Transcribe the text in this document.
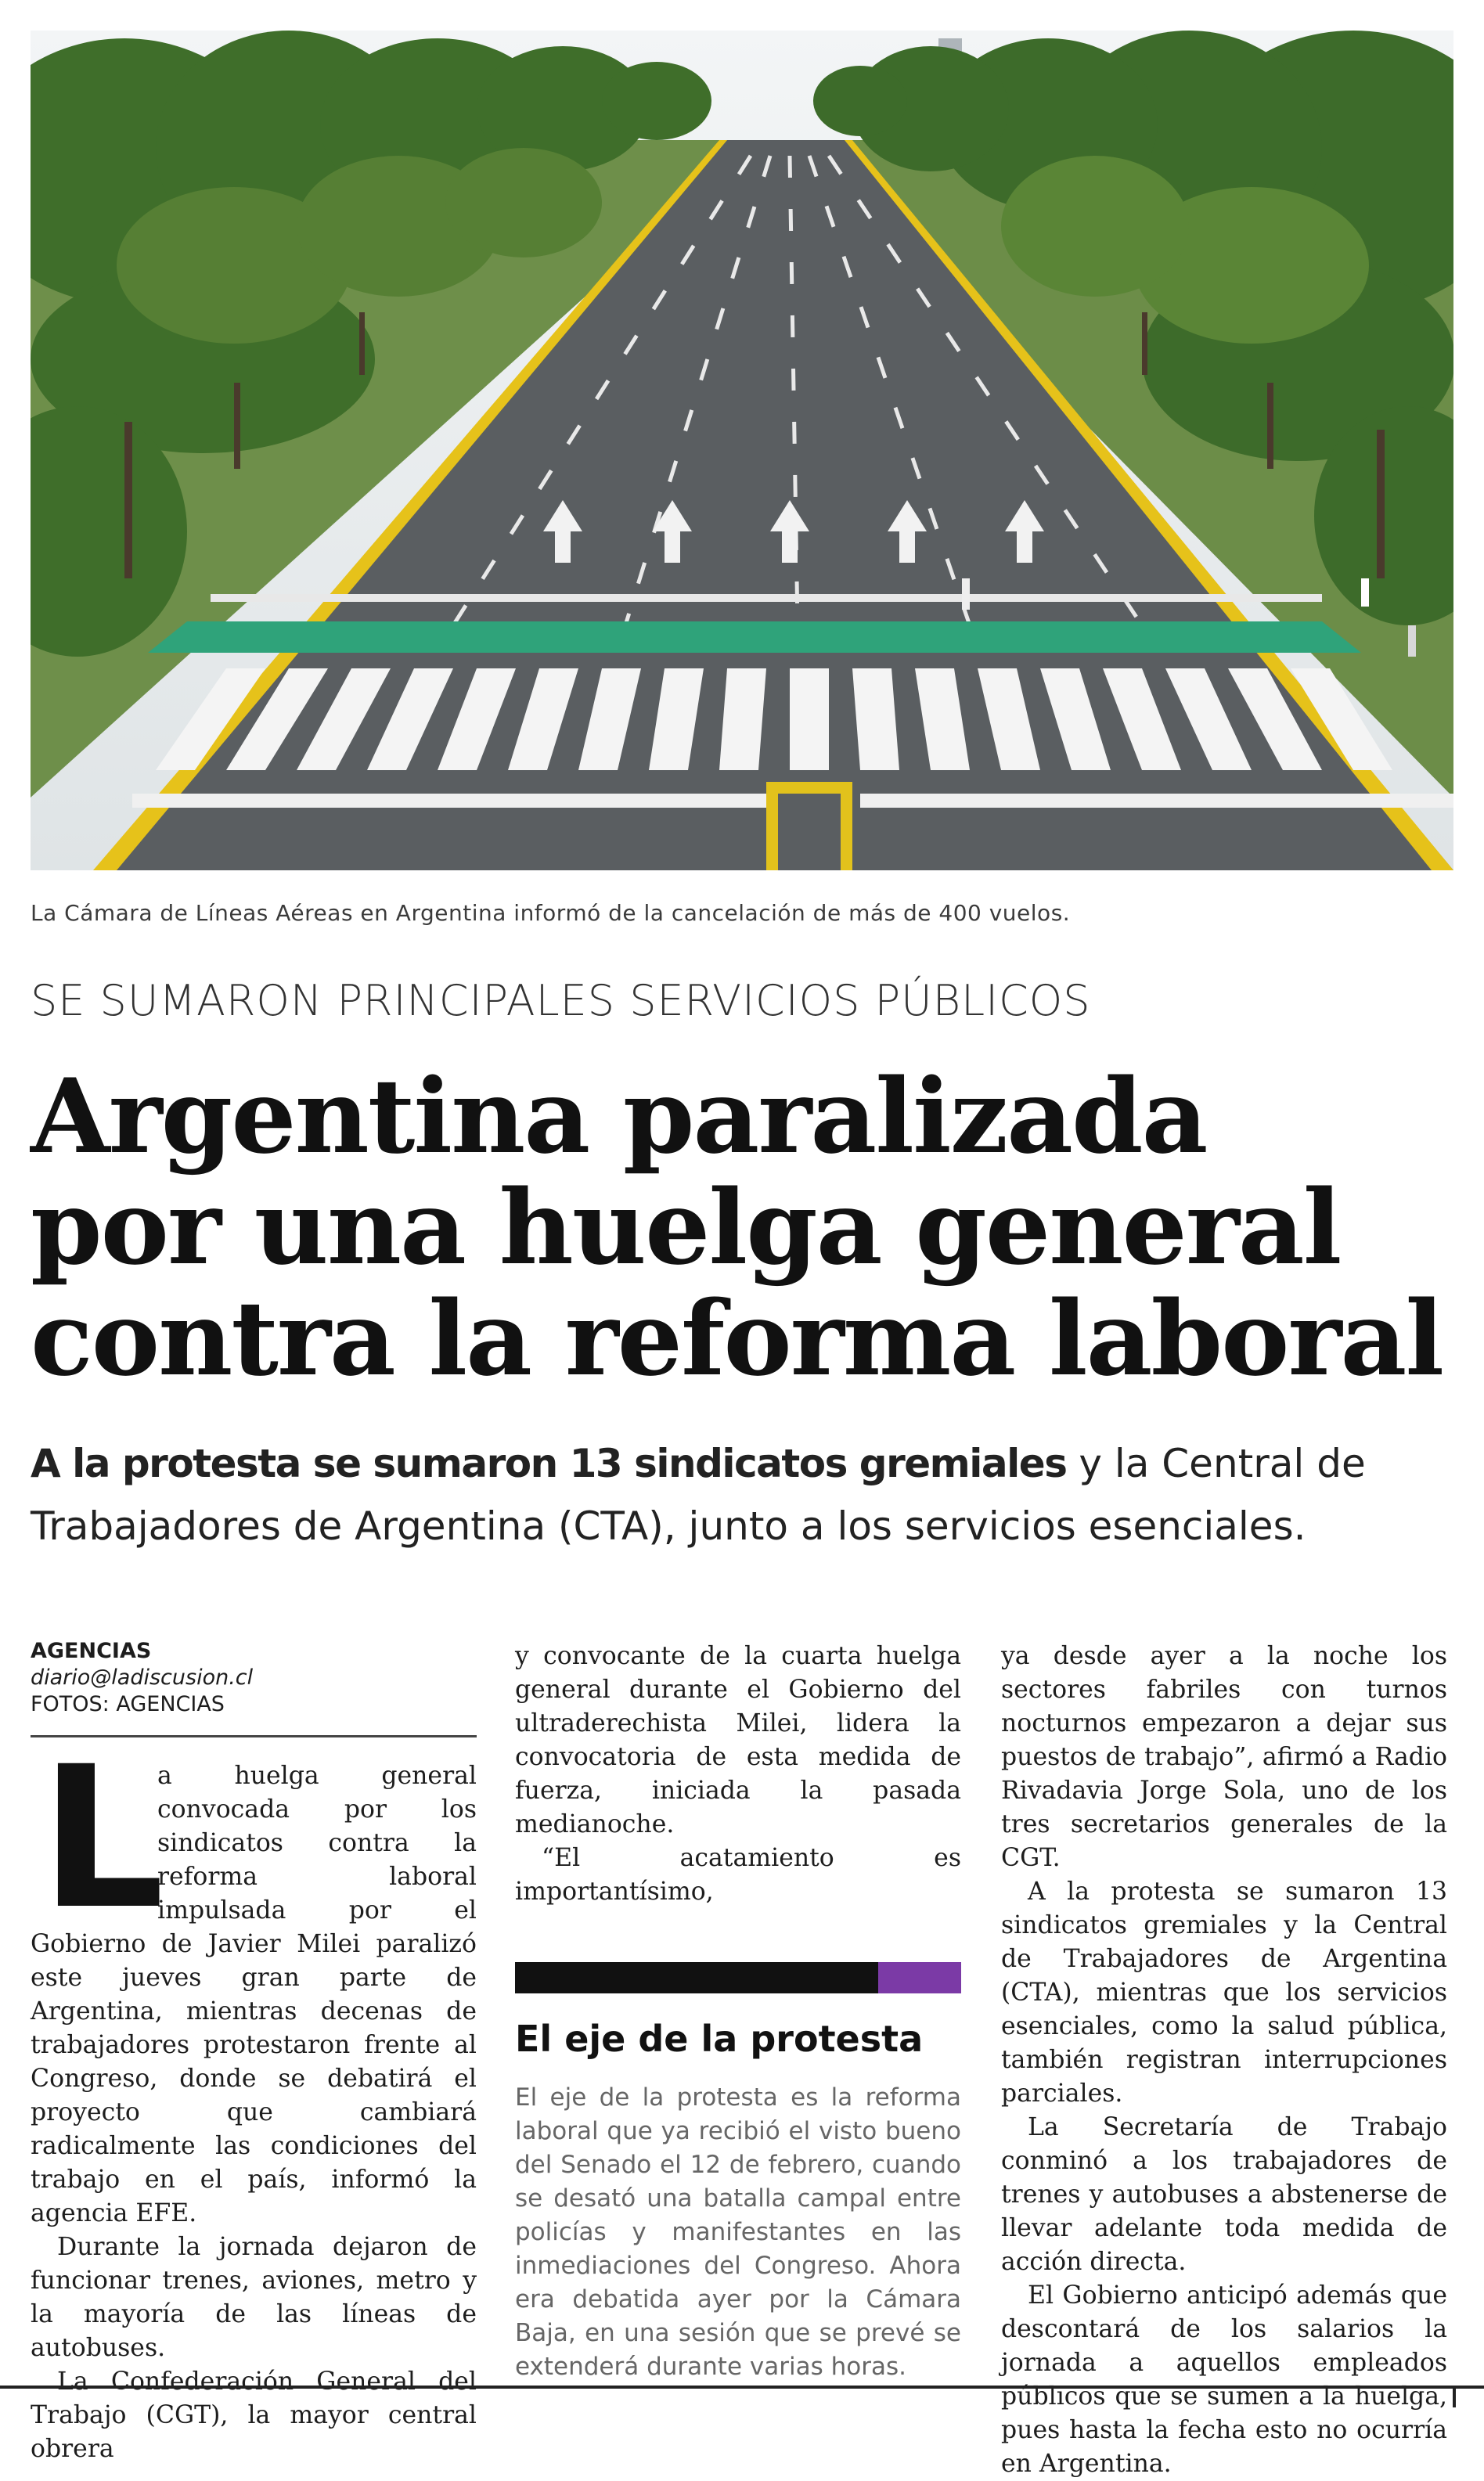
La Cámara de Líneas Aéreas en Argentina informó de la cancelación de más de 400 vuelos.
SE SUMARON PRINCIPALES SERVICIOS PÚBLICOS
Argentina paralizada
por una huelga general
contra la reforma laboral
A la protesta se sumaron 13 sindicatos gremiales y la Central de Trabajadores de Argentina (CTA), junto a los servicios esenciales.
AGENCIAS
diario@ladiscusion.cl
FOTOS: AGENCIAS
L

a huelga general convocada por los sindicatos contra la reforma laboral impulsada por el Gobierno de Javier Milei paralizó este jueves gran parte de Argentina, mientras decenas de trabajadores protestaron frente al Congreso, donde se debatirá el proyecto que cambiará radicalmente las condiciones del trabajo en el país, informó la agencia EFE.

Durante la jornada dejaron de funcionar trenes, aviones, metro y la mayoría de las líneas de autobuses.

La Confederación General del Trabajo (CGT), la mayor central obrera

y convocante de la cuarta huelga general durante el Gobierno del ultraderechista Milei, lidera la convocatoria de esta medida de fuerza, iniciada la pasada medianoche.

“El acatamiento es importantísimo,

El eje de la protesta
El eje de la protesta es la reforma laboral que ya recibió el visto bueno del Senado el 12 de febrero, cuando se desató una batalla campal entre policías y manifestantes en las inmediaciones del Congreso. Ahora era debatida ayer por la Cámara Baja, en una sesión que se prevé se extenderá durante varias horas.

ya desde ayer a la noche los sectores fabriles con turnos nocturnos empezaron a dejar sus puestos de trabajo”, afirmó a Radio Rivadavia Jorge Sola, uno de los tres secretarios generales de la CGT.

A la protesta se sumaron 13 sindicatos gremiales y la Central de Trabajadores de Argentina (CTA), mientras que los servicios esenciales, como la salud pública, también registran interrupciones parciales.

La Secretaría de Trabajo conminó a los trabajadores de trenes y autobuses a abstenerse de llevar adelante toda medida de acción directa.

El Gobierno anticipó además que descontará de los salarios la jornada a aquellos empleados públicos que se sumen a la huelga, pues hasta la fecha esto no ocurría en Argentina.
